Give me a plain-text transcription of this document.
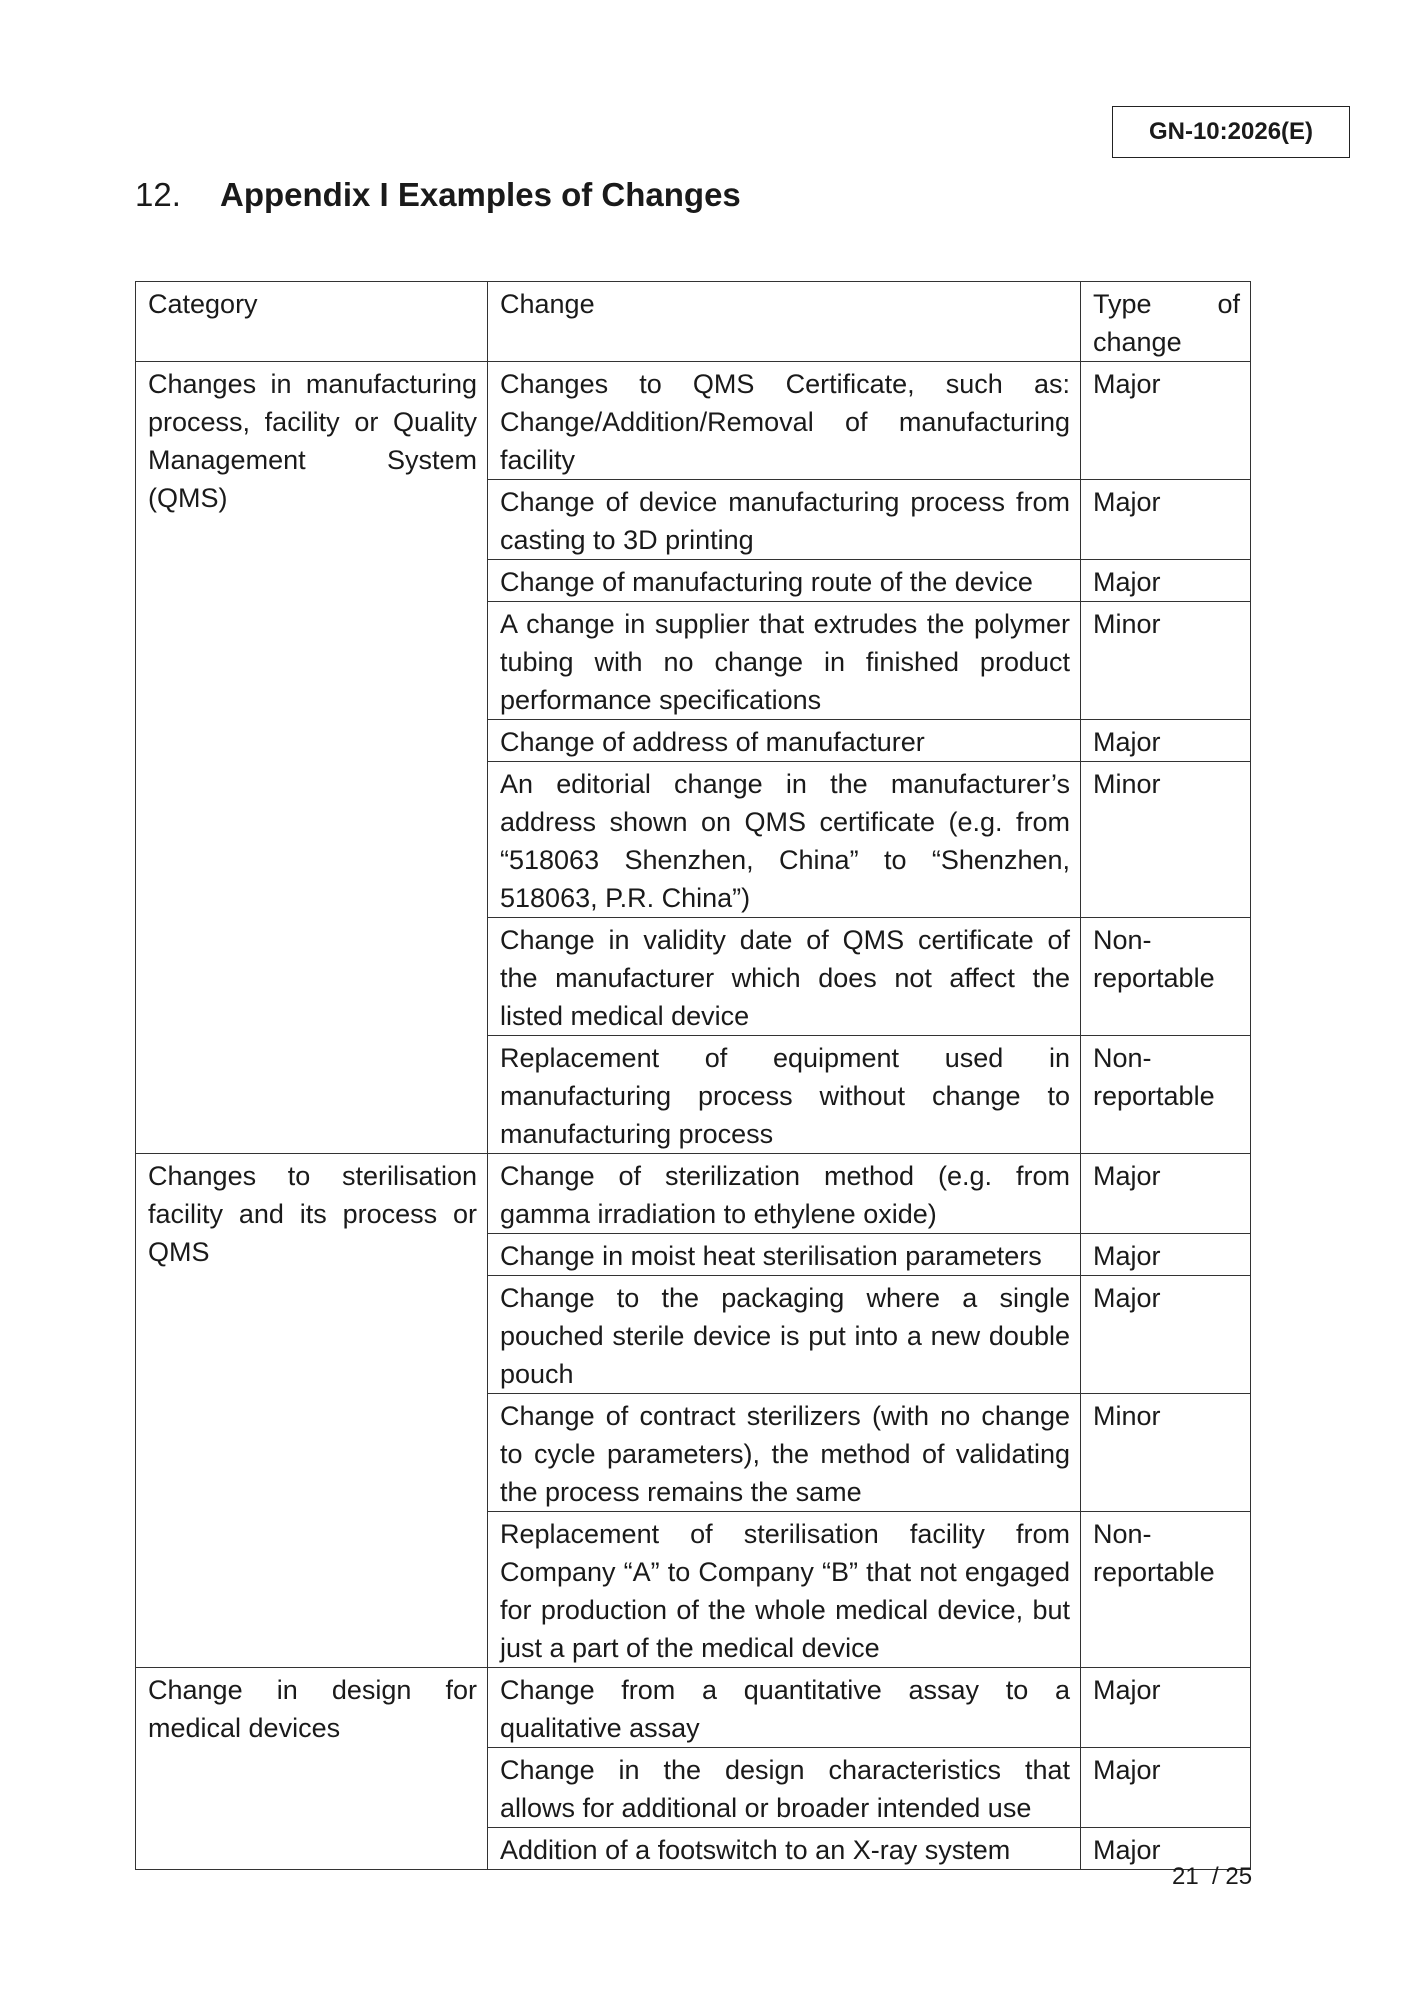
GN-10:2026(E)
12. Appendix I Examples of Changes
Category	Change	Type of change
Changes in manufacturing process, facility or Quality Management System (QMS)	Changes to QMS Certificate, such as: Change/Addition/Removal of manufacturing facility	Major
	Change of device manufacturing process from casting to 3D printing	Major
	Change of manufacturing route of the device	Major
	A change in supplier that extrudes the polymer tubing with no change in finished product performance specifications	Minor
	Change of address of manufacturer	Major
	An editorial change in the manufacturer’s address shown on QMS certificate (e.g. from “518063 Shenzhen, China” to “Shenzhen, 518063, P.R. China”)	Minor
	Change in validity date of QMS certificate of the manufacturer which does not affect the listed medical device	Non-reportable
	Replacement of equipment used in manufacturing process without change to manufacturing process	Non-reportable
Changes to sterilisation facility and its process or QMS	Change of sterilization method (e.g. from gamma irradiation to ethylene oxide)	Major
	Change in moist heat sterilisation parameters	Major
	Change to the packaging where a single pouched sterile device is put into a new double pouch	Major
	Change of contract sterilizers (with no change to cycle parameters), the method of validating the process remains the same	Minor
	Replacement of sterilisation facility from Company “A” to Company “B” that not engaged for production of the whole medical device, but just a part of the medical device	Non-reportable
Change in design for medical devices	Change from a quantitative assay to a qualitative assay	Major
	Change in the design characteristics that allows for additional or broader intended use	Major
	Addition of a footswitch to an X-ray system	Major
21  / 25
